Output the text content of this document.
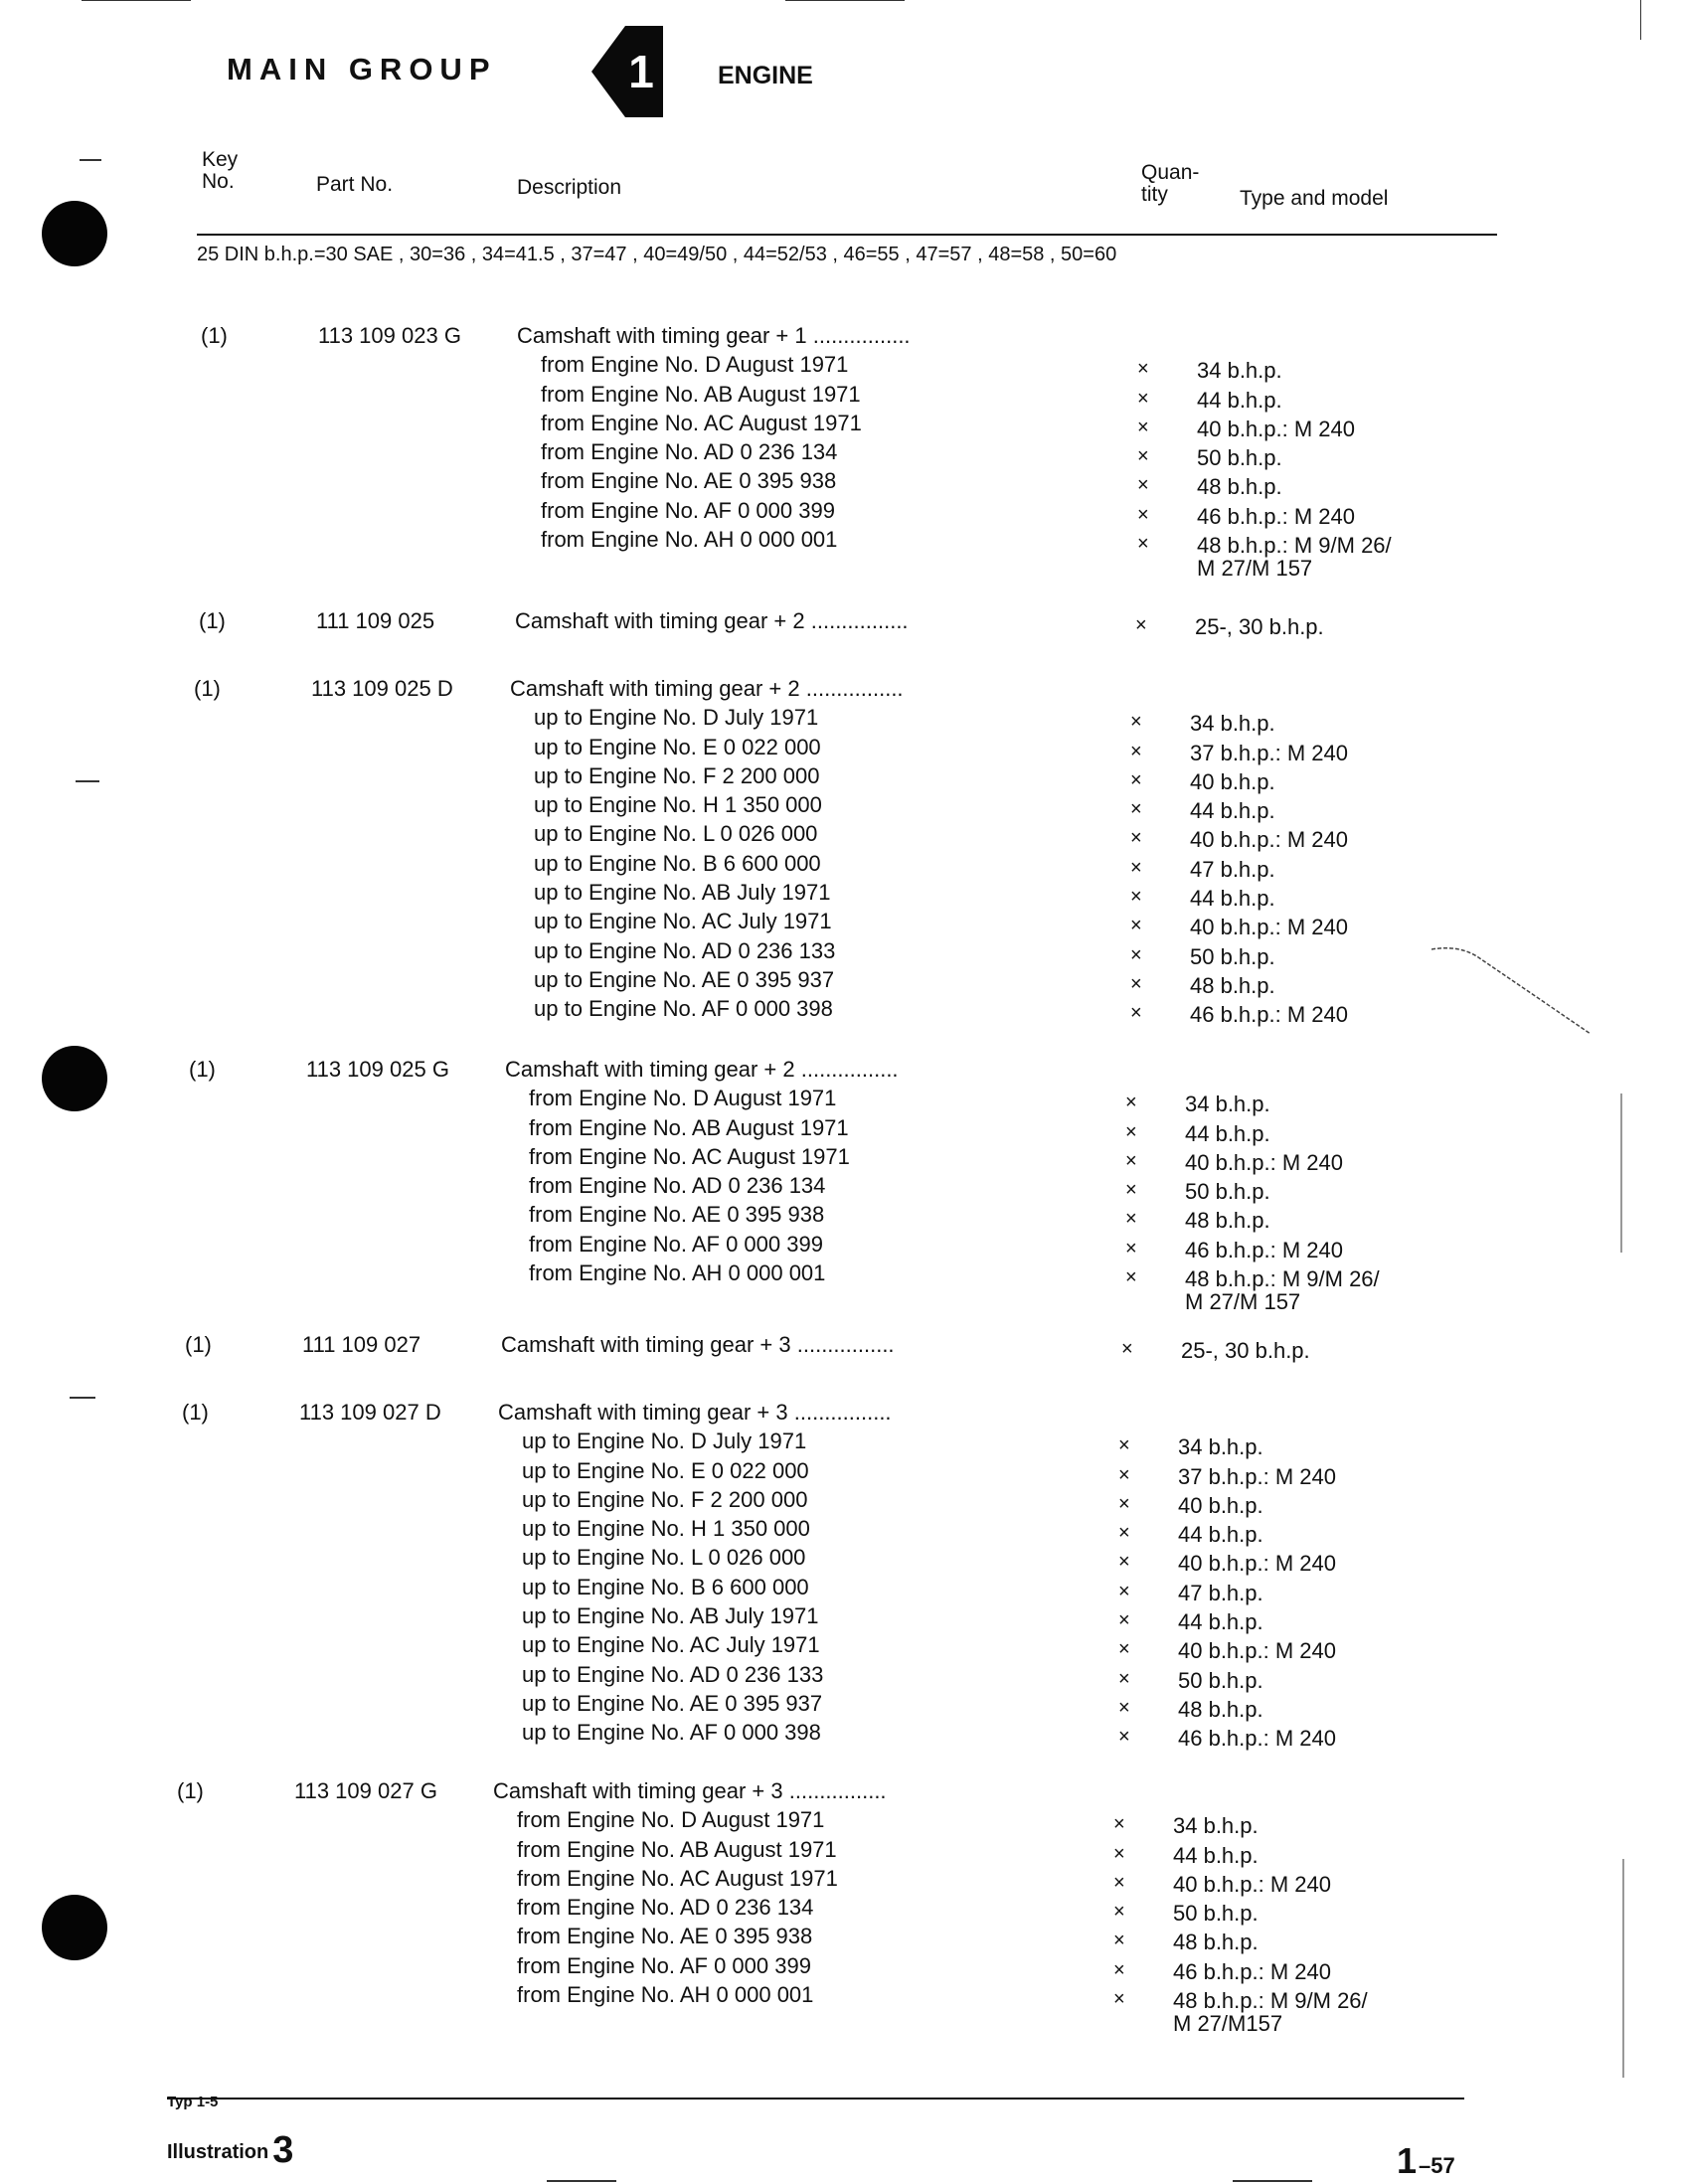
MAIN GROUP	1	ENGINE
Key
No.	Part No.	Description
Quan-
tity	Type and model
25 DIN b.h.p.=30 SAE , 30=36 , 34=41.5 , 37=47 , 40=49/50 , 44=52/53 , 46=55 , 47=57 , 48=58 , 50=60
(1)	113 109 023 G	Camshaft with timing gear + 1 ................
from Engine No. D August 1971	× 34 b.h.p.
from Engine No. AB August 1971	× 44 b.h.p.
from Engine No. AC August 1971	× 40 b.h.p.: M 240
from Engine No. AD 0 236 134	× 50 b.h.p.
from Engine No. AE 0 395 938	× 48 b.h.p.
from Engine No. AF 0 000 399	× 46 b.h.p.: M 240
from Engine No. AH 0 000 001	× 48 b.h.p.: M 9/M 26/
M 27/M 157
(1)	111 109 025	Camshaft with timing gear + 2 ................	× 25-, 30 b.h.p.
(1)	113 109 025 D	Camshaft with timing gear + 2 ................
up to Engine No. D July 1971	× 34 b.h.p.
up to Engine No. E 0 022 000	× 37 b.h.p.: M 240
up to Engine No. F 2 200 000	× 40 b.h.p.
up to Engine No. H 1 350 000	× 44 b.h.p.
up to Engine No. L 0 026 000	× 40 b.h.p.: M 240
up to Engine No. B 6 600 000	× 47 b.h.p.
up to Engine No. AB July 1971	× 44 b.h.p.
up to Engine No. AC July 1971	× 40 b.h.p.: M 240
up to Engine No. AD 0 236 133	× 50 b.h.p.
up to Engine No. AE 0 395 937	× 48 b.h.p.
up to Engine No. AF 0 000 398	× 46 b.h.p.: M 240
(1)	113 109 025 G	Camshaft with timing gear + 2 ................
from Engine No. D August 1971	× 34 b.h.p.
from Engine No. AB August 1971	× 44 b.h.p.
from Engine No. AC August 1971	× 40 b.h.p.: M 240
from Engine No. AD 0 236 134	× 50 b.h.p.
from Engine No. AE 0 395 938	× 48 b.h.p.
from Engine No. AF 0 000 399	× 46 b.h.p.: M 240
from Engine No. AH 0 000 001	× 48 b.h.p.: M 9/M 26/
M 27/M 157
(1)	111 109 027	Camshaft with timing gear + 3 ................	× 25-, 30 b.h.p.
(1)	113 109 027 D	Camshaft with timing gear + 3 ................
up to Engine No. D July 1971	× 34 b.h.p.
up to Engine No. E 0 022 000	× 37 b.h.p.: M 240
up to Engine No. F 2 200 000	× 40 b.h.p.
up to Engine No. H 1 350 000	× 44 b.h.p.
up to Engine No. L 0 026 000	× 40 b.h.p.: M 240
up to Engine No. B 6 600 000	× 47 b.h.p.
up to Engine No. AB July 1971	× 44 b.h.p.
up to Engine No. AC July 1971	× 40 b.h.p.: M 240
up to Engine No. AD 0 236 133	× 50 b.h.p.
up to Engine No. AE 0 395 937	× 48 b.h.p.
up to Engine No. AF 0 000 398	× 46 b.h.p.: M 240
(1)	113 109 027 G	Camshaft with timing gear + 3 ................
from Engine No. D August 1971	× 34 b.h.p.
from Engine No. AB August 1971	× 44 b.h.p.
from Engine No. AC August 1971	× 40 b.h.p.: M 240
from Engine No. AD 0 236 134	× 50 b.h.p.
from Engine No. AE 0 395 938	× 48 b.h.p.
from Engine No. AF 0 000 399	× 46 b.h.p.: M 240
from Engine No. AH 0 000 001	× 48 b.h.p.: M 9/M 26/
M 27/M157
Typ 1-5
Illustration 3	1–57
